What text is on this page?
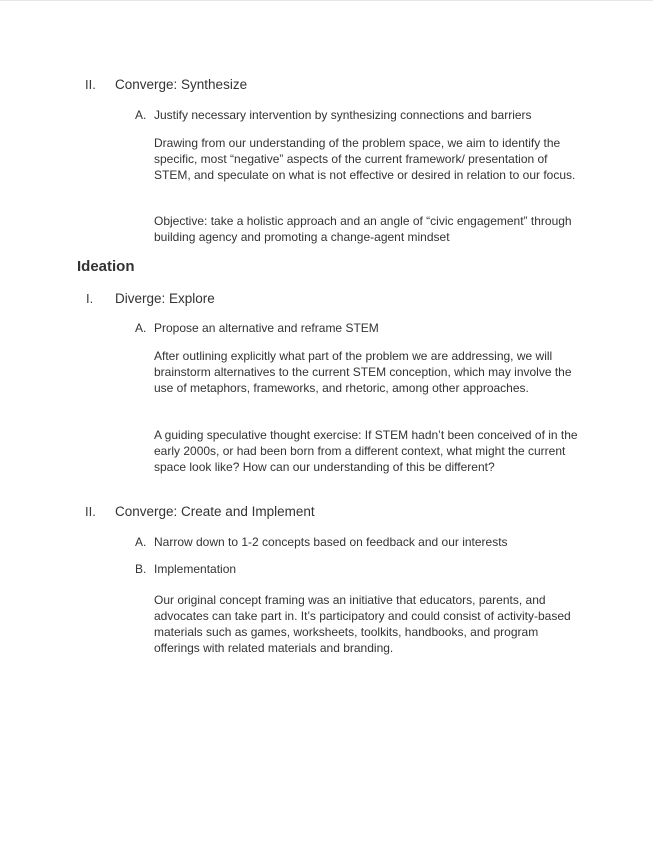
II. Converge: Synthesize
A. Justify necessary intervention by synthesizing connections and barriers
Drawing from our understanding of the problem space, we aim to identify the specific, most “negative” aspects of the current framework/ presentation of STEM, and speculate on what is not effective or desired in relation to our focus.
Objective: take a holistic approach and an angle of “civic engagement” through building agency and promoting a change-agent mindset
Ideation
I. Diverge: Explore
A. Propose an alternative and reframe STEM
After outlining explicitly what part of the problem we are addressing, we will brainstorm alternatives to the current STEM conception, which may involve the use of metaphors, frameworks, and rhetoric, among other approaches.
A guiding speculative thought exercise: If STEM hadn’t been conceived of in the early 2000s, or had been born from a different context, what might the current space look like? How can our understanding of this be different?
II. Converge: Create and Implement
A. Narrow down to 1-2 concepts based on feedback and our interests
B. Implementation
Our original concept framing was an initiative that educators, parents, and advocates can take part in. It’s participatory and could consist of activity-based materials such as games, worksheets, toolkits, handbooks, and program offerings with related materials and branding.
